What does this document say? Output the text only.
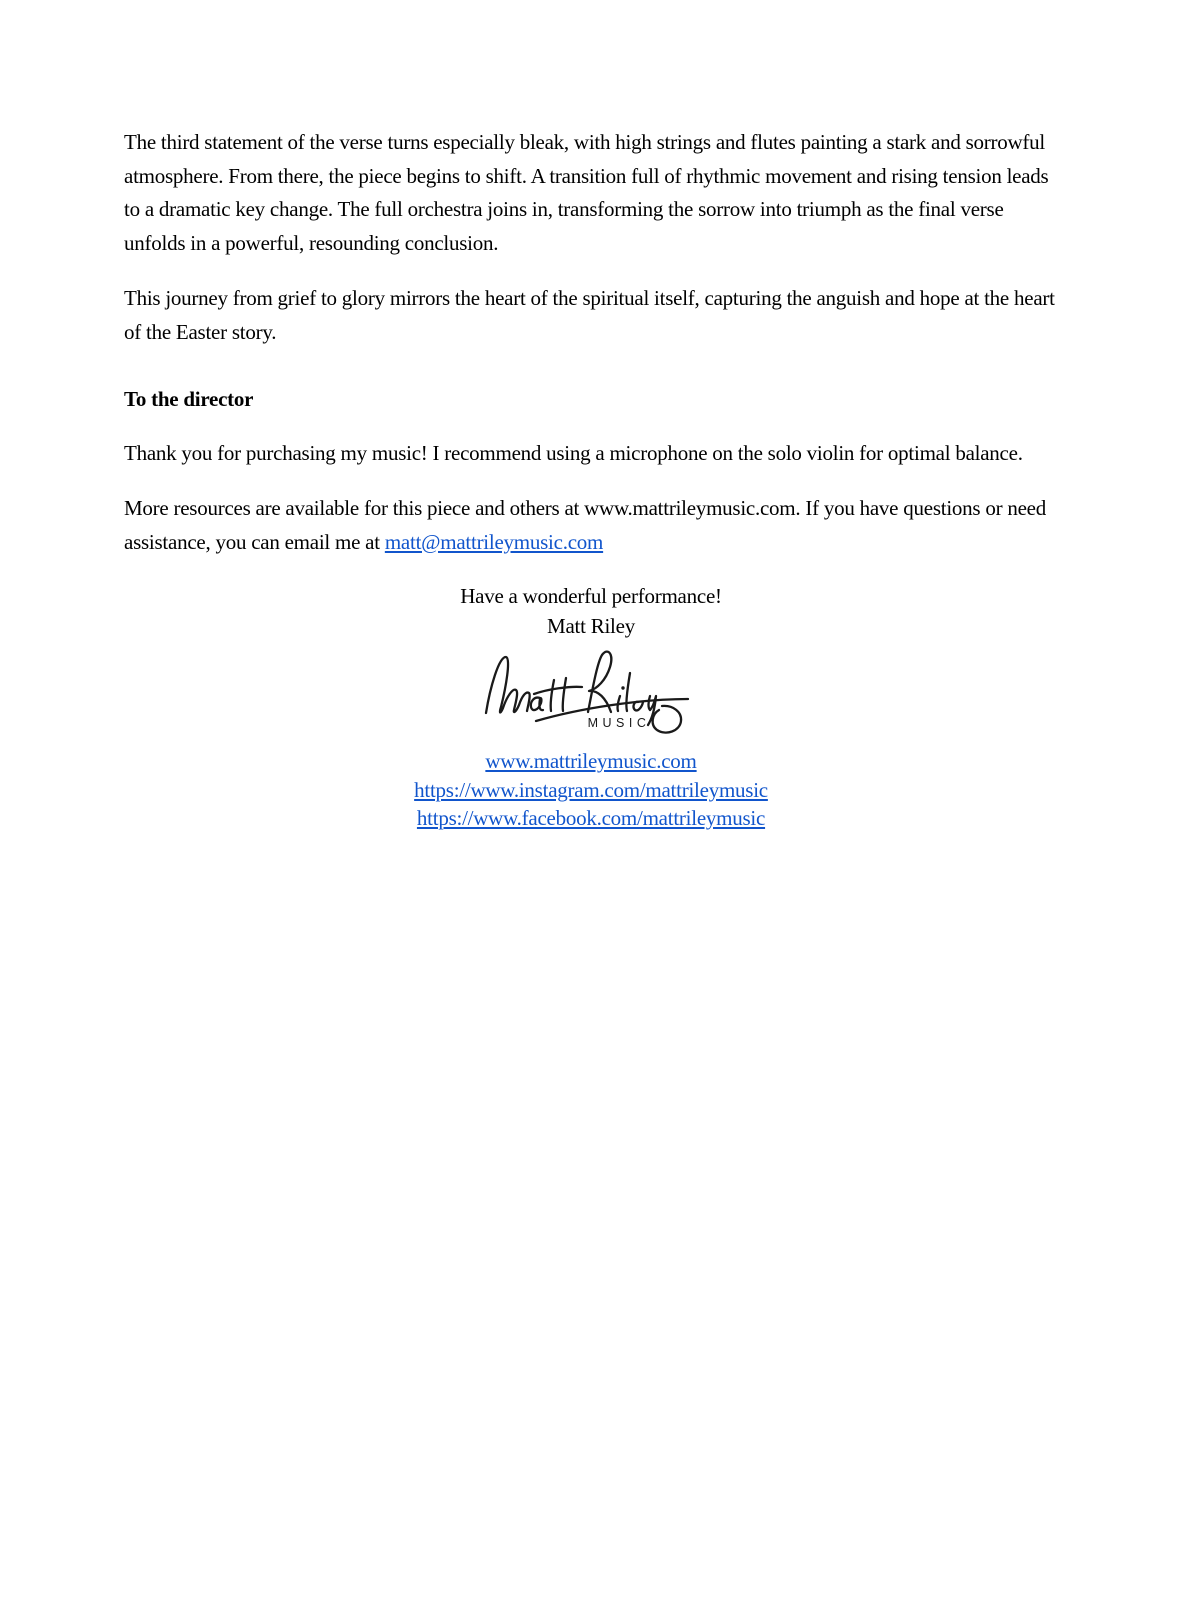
The third statement of the verse turns especially bleak, with high strings and flutes painting a stark and sorrowful atmosphere. From there, the piece begins to shift. A transition full of rhythmic movement and rising tension leads to a dramatic key change. The full orchestra joins in, transforming the sorrow into triumph as the final verse unfolds in a powerful, resounding conclusion.

This journey from grief to glory mirrors the heart of the spiritual itself, capturing the anguish and hope at the heart of the Easter story.

To the director

Thank you for purchasing my music! I recommend using a microphone on the solo violin for optimal balance.

More resources are available for this piece and others at www.mattrileymusic.com. If you have questions or need assistance, you can email me at matt@mattrileymusic.com

Have a wonderful performance!

Matt Riley

MUSIC

www.mattrileymusic.com

https://www.instagram.com/mattrileymusic

https://www.facebook.com/mattrileymusic
